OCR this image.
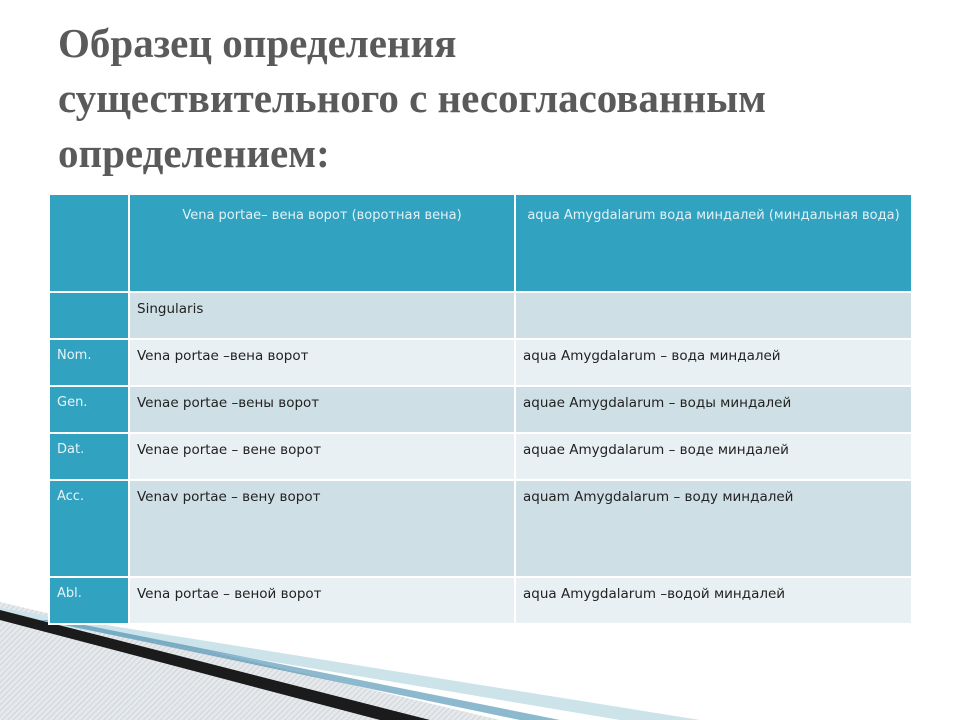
Образец определения
существительного с несогласованным
определением:

	Vena portae– вена ворот (воротная вена)	aqua Amygdalarum вода миндалей (миндальная вода)

	Singularis	

Nom.	Vena portae –вена ворот	aqua Amygdalarum – вода миндалей

Gen.	Venae portae –вены ворот	aquae Amygdalarum – воды миндалей

Dat.	Venae portae – вене ворот	aquae Amygdalarum – воде миндалей

Acc.	Venav portae – вену ворот	aquam Amygdalarum – воду миндалей

Abl.	Vena portae – веной ворот	aqua Amygdalarum –водой миндалей
